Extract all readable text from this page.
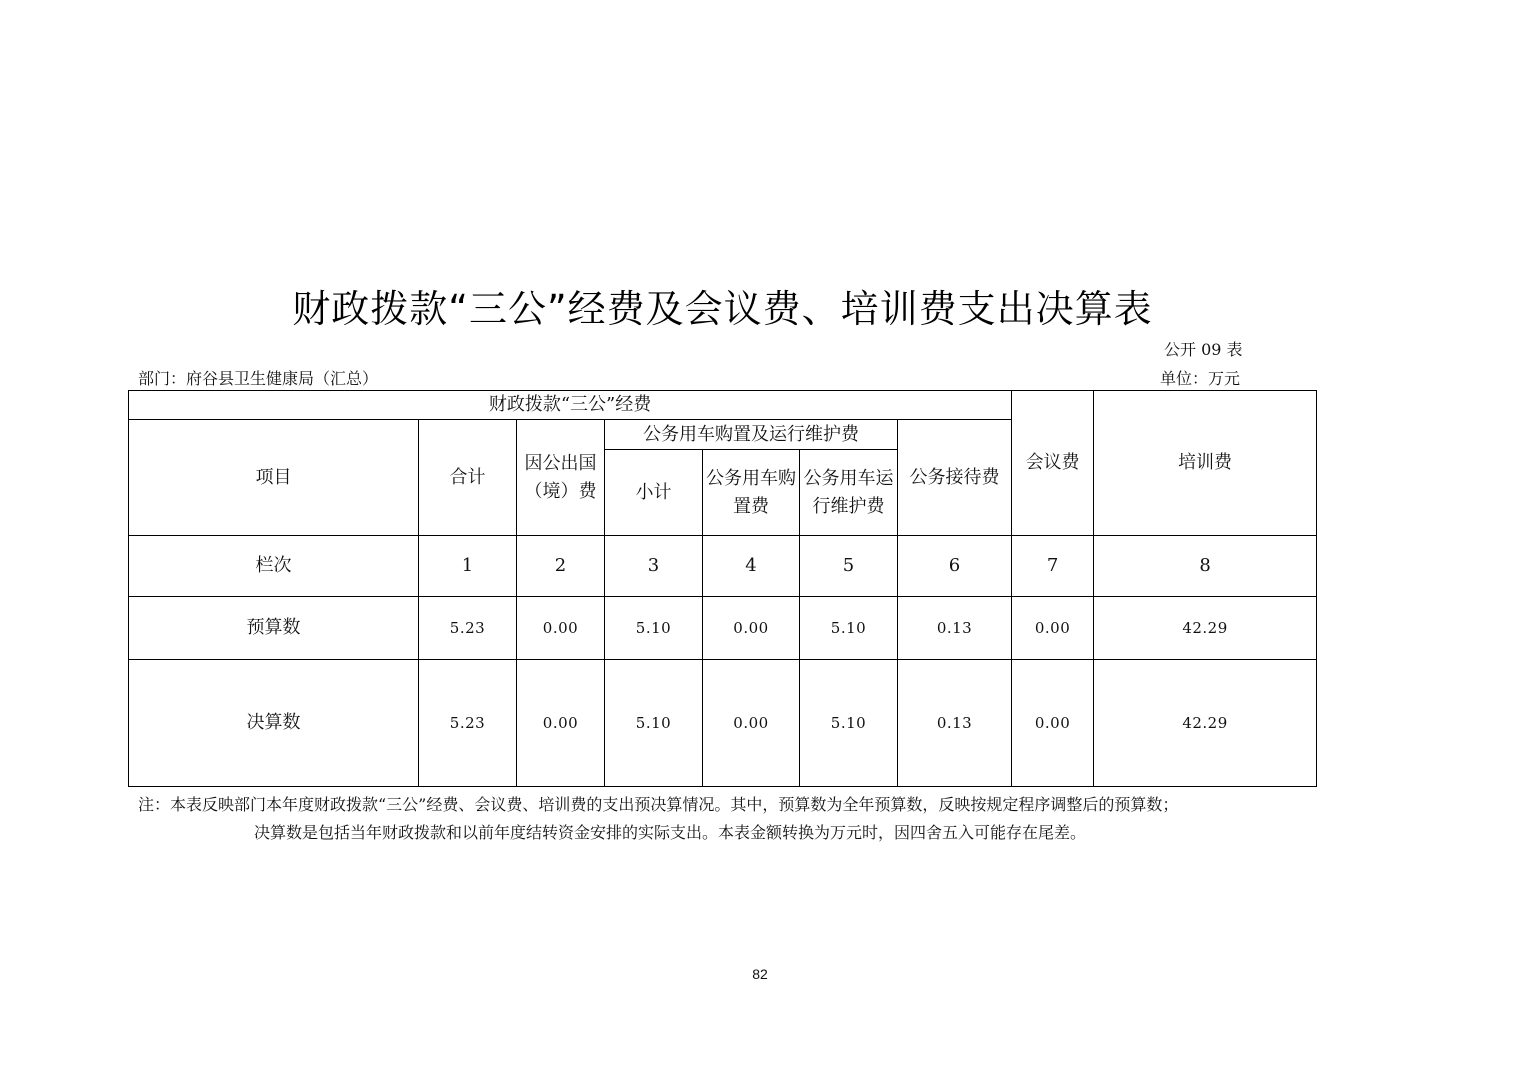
财政拨款“三公”经费及会议费、培训费支出决算表
公开 09 表
部门：府谷县卫生健康局（汇总）	单位：万元
财政拨款“三公”经费							会议费	培训费
项目	合计	因公出国（境）费	公务用车购置及运行维护费			公务接待费		
			小计	公务用车购置费	公务用车运行维护费			
栏次	1	2	3	4	5	6	7	8
预算数	5.23	0.00	5.10	0.00	5.10	0.13	0.00	42.29
决算数	5.23	0.00	5.10	0.00	5.10	0.13	0.00	42.29
注：本表反映部门本年度财政拨款“三公”经费、会议费、培训费的支出预决算情况。其中，预算数为全年预算数，反映按规定程序调整后的预算数；
决算数是包括当年财政拨款和以前年度结转资金安排的实际支出。本表金额转换为万元时，因四舍五入可能存在尾差。
82
